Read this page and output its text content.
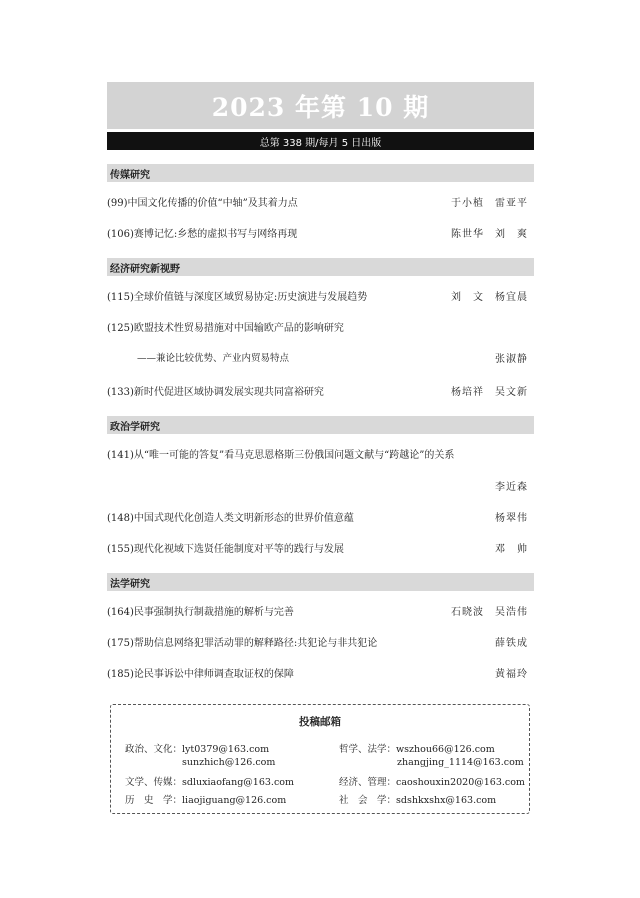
2023 年第 10 期
总第 338 期/每月 5 日出版
传媒研究
(99)中国文化传播的价值“中轴”及其着力点	于小植　雷亚平
(106)赛博记忆:乡愁的虚拟书写与网络再现	陈世华　刘　爽
经济研究新视野
(115)全球价值链与深度区域贸易协定:历史演进与发展趋势	刘　文　杨宜晨
(125)欧盟技术性贸易措施对中国输欧产品的影响研究
——兼论比较优势、产业内贸易特点	张淑静
(133)新时代促进区域协调发展实现共同富裕研究	杨培祥　吴文新
政治学研究
(141)从“唯一可能的答复”看马克思恩格斯三份俄国问题文献与“跨越论”的关系
李近森
(148)中国式现代化创造人类文明新形态的世界价值意蕴	杨翠伟
(155)现代化视域下选贤任能制度对平等的践行与发展	邓　帅
法学研究
(164)民事强制执行制裁措施的解析与完善	石晓波　吴浩伟
(175)帮助信息网络犯罪活动罪的解释路径:共犯论与非共犯论	薛铁成
(185)论民事诉讼中律师调查取证权的保障	黄福玲
投稿邮箱
政治、文化：lyt0379@163.com
sunzhich@126.com
文学、传媒：sdluxiaofang@163.com
历　史　学：liaojiguang@126.com
哲学、法学：wszhou66@126.com
zhangjing_1114@163.com
经济、管理：caoshouxin2020@163.com
社　会　学：sdshkxshx@163.com
